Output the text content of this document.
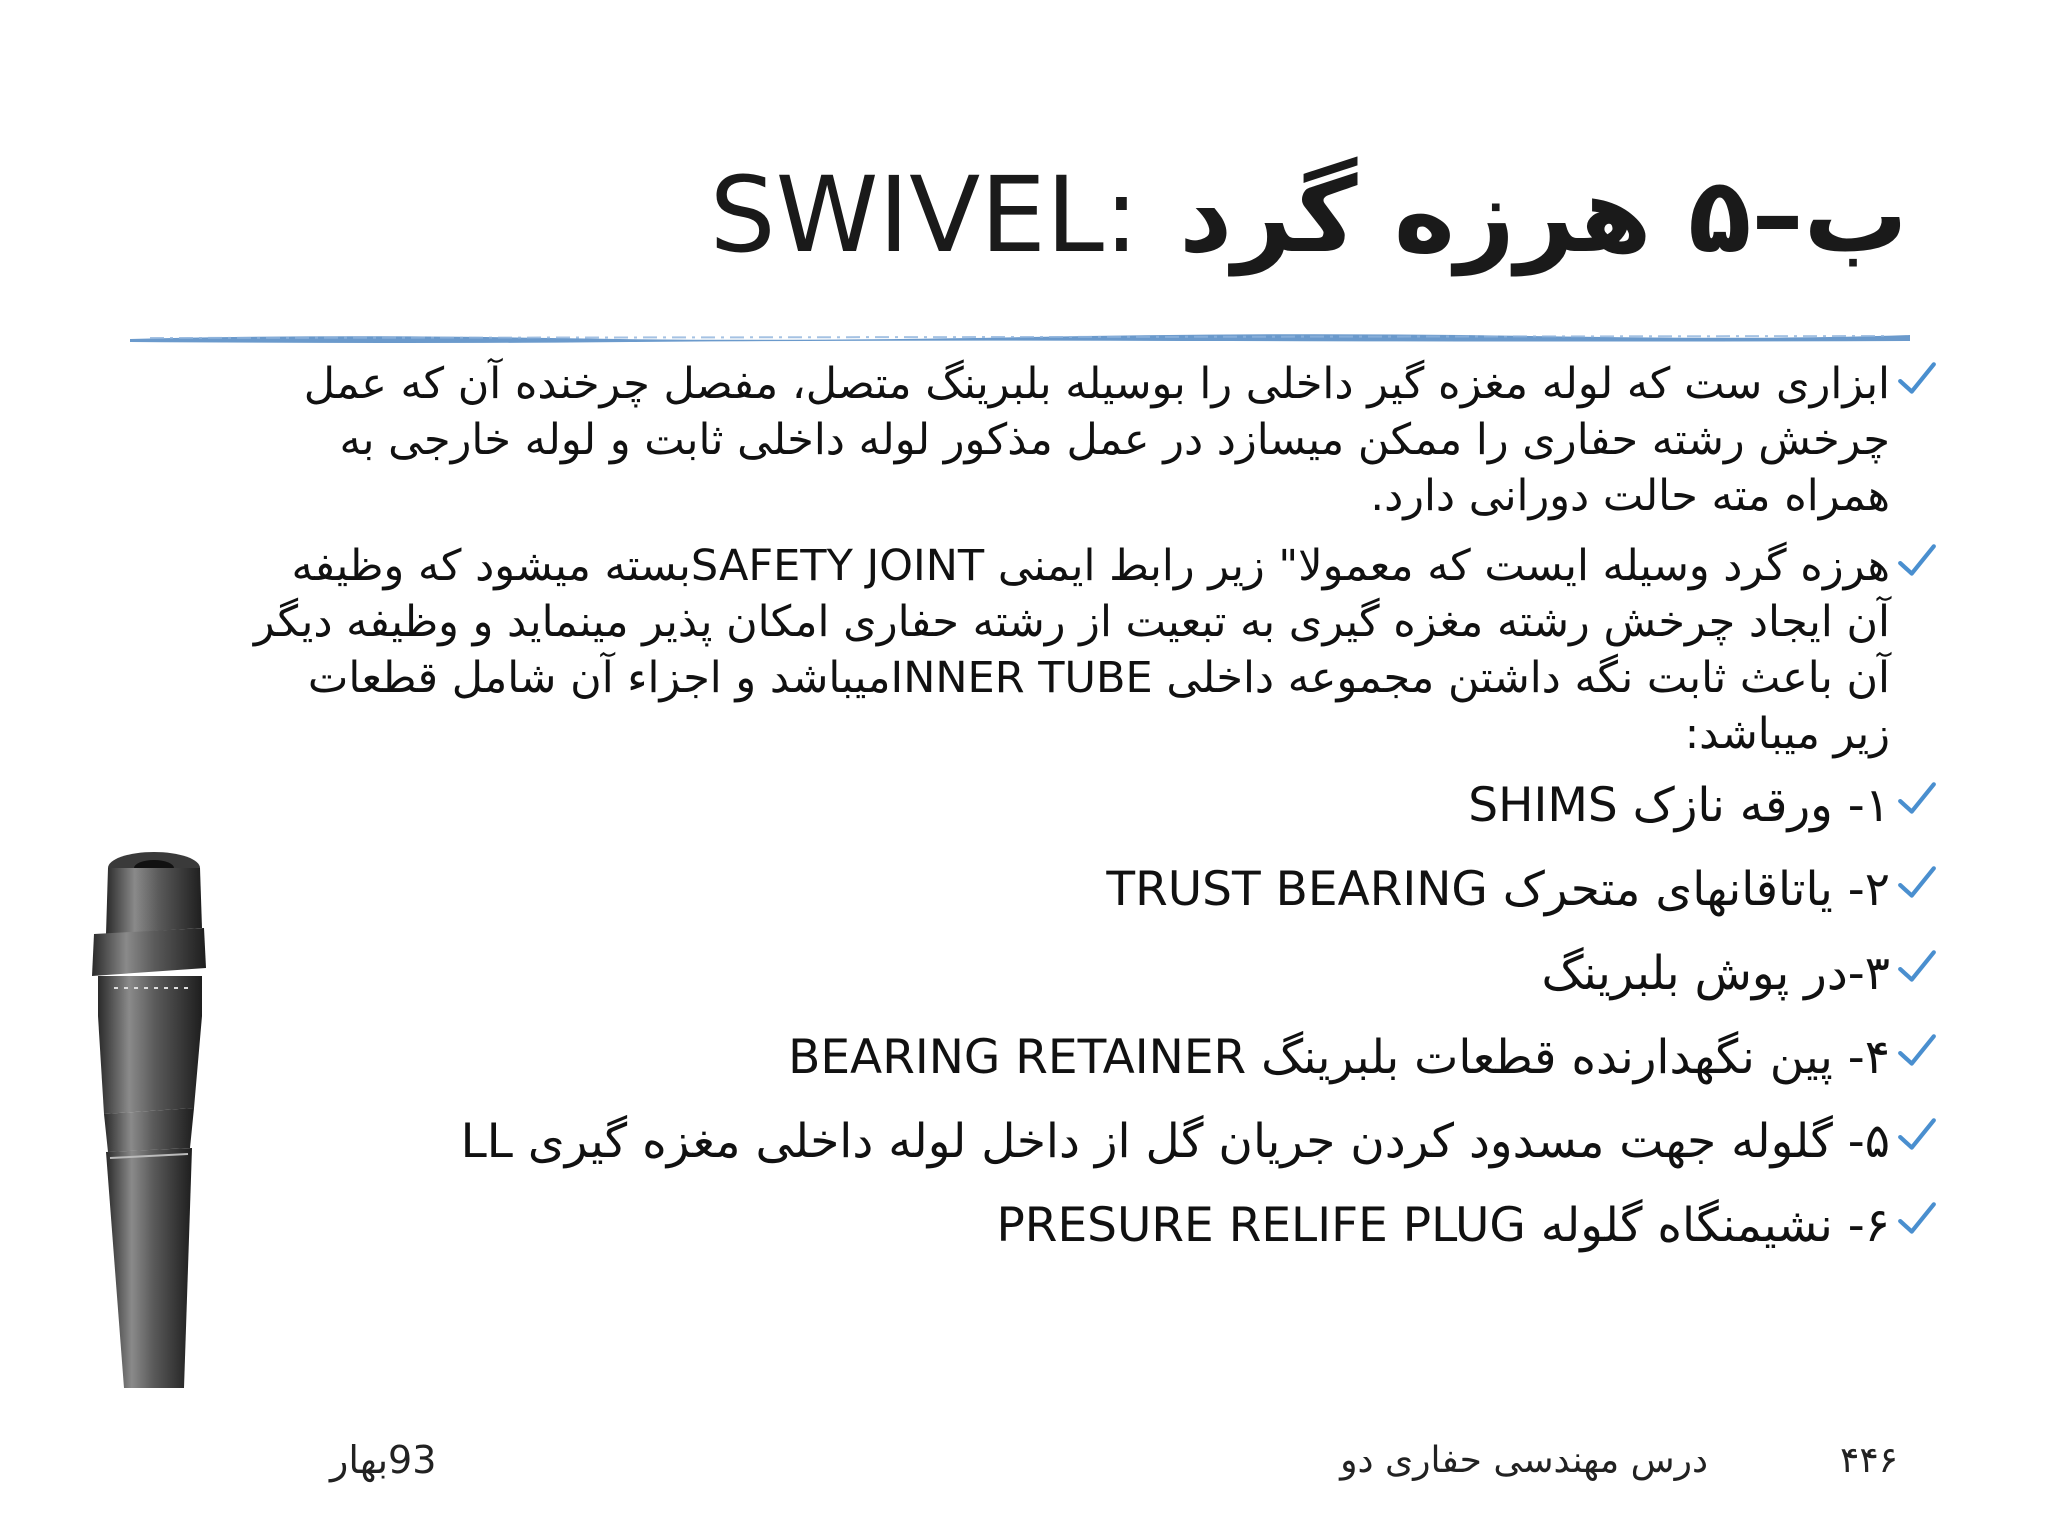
ب–۵ هرزه گردSWIVEL:
ابزاری ست که لوله مغزه گیر داخلی را بوسیله بلبرینگ متصل، مفصل چرخنده آن که عمل چرخش رشته حفاری را ممکن میسازد در عمل مذکور لوله داخلی ثابت و لوله خارجی به همراه مته حالت دورانی دارد.
هرزه گرد وسیله ایست که معمولا" زیر رابط ایمنی SAFETY JOINTبسته میشود که وظیفه آن ایجاد چرخش رشته مغزه گیری به تبعیت از رشته حفاری امکان پذیر مینماید و وظیفه دیگر آن باعث ثابت نگه داشتن مجموعه داخلی INNER TUBEمیباشد و اجزاء آن شامل قطعات زیر میباشد:
۱- ورقه نازک SHIMS
۲- یاتاقانهای متحرک TRUST BEARING
۳-در پوش بلبرینگ
۴- پین نگهدارنده قطعات بلبرینگ BEARING RETAINER
۵- گلوله جهت مسدود کردن جریان گل از داخل لوله داخلی مغزه گیری LL
۶- نشیمنگاه گلوله PRESURE RELIFE PLUG
93بهار	درس مهندسی حفاری دو	۴۴۶
